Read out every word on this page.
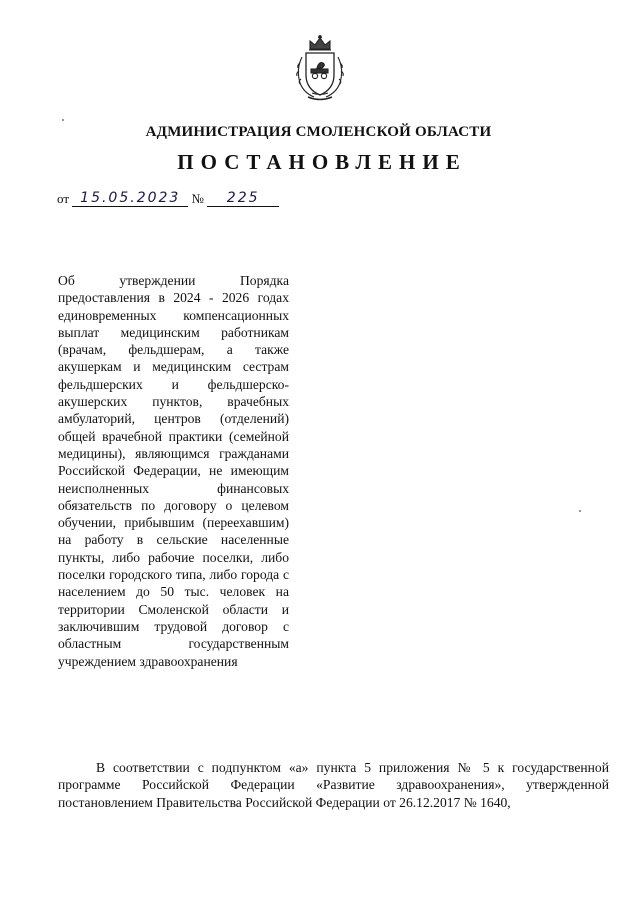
АДМИНИСТРАЦИЯ СМОЛЕНСКОЙ ОБЛАСТИ
ПОСТАНОВЛЕНИЕ
от 15.05.2023 № 225
Об утверждении Порядка предоставления в 2024 - 2026 годах единовременных компенсационных выплат медицинским работникам (врачам, фельдшерам, а также акушеркам и медицинским сестрам фельдшерских и фельдшерско-акушерских пунктов, врачебных амбулаторий, центров (отделений) общей врачебной практики (семейной медицины), являющимся гражданами Российской Федерации, не имеющим неисполненных финансовых обязательств по договору о целевом обучении, прибывшим (переехавшим) на работу в сельские населенные пункты, либо рабочие поселки, либо поселки городского типа, либо города с населением до 50 тыс. человек на территории Смоленской области и заключившим трудовой договор с областным государственным учреждением здравоохранения
В соответствии с подпунктом «а» пункта 5 приложения № 5 к государственной программе Российской Федерации «Развитие здравоохранения», утвержденной постановлением Правительства Российской Федерации от 26.12.2017 № 1640,
